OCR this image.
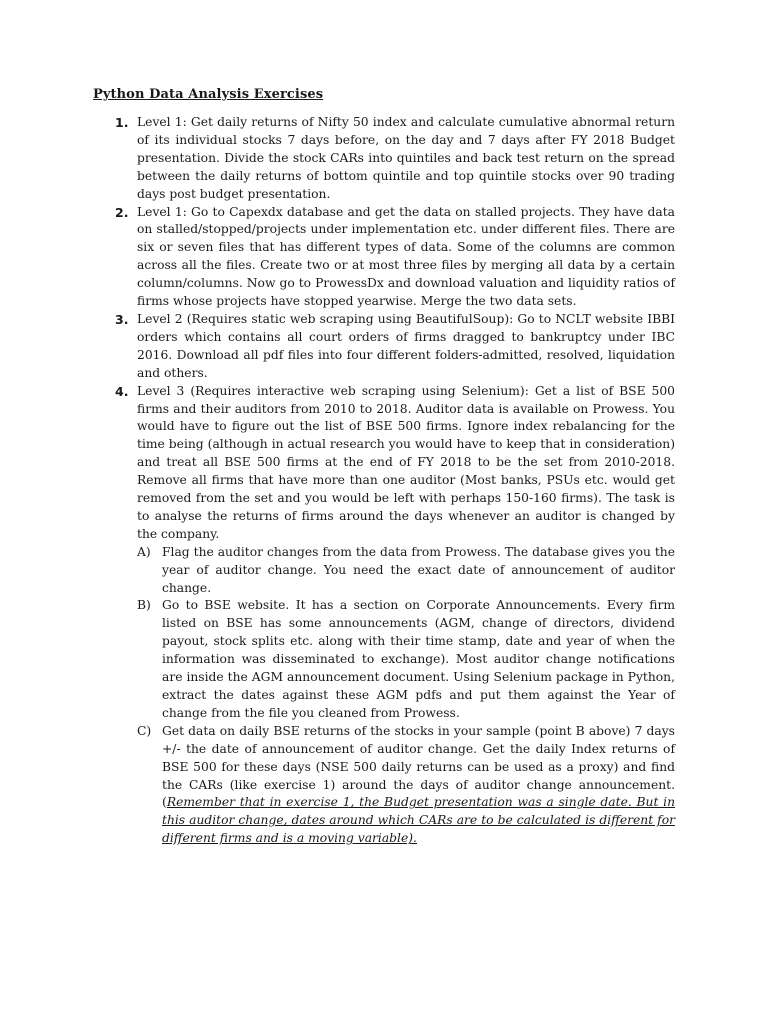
Python Data Analysis Exercises
1. Level 1: Get daily returns of Nifty 50 index and calculate cumulative abnormal return of its individual stocks 7 days before, on the day and 7 days after FY 2018 Budget presentation. Divide the stock CARs into quintiles and back test return on the spread between the daily returns of bottom quintile and top quintile stocks over 90 trading days post budget presentation.

2. Level 1: Go to Capexdx database and get the data on stalled projects. They have data on stalled/stopped/projects under implementation etc. under different files. There are six or seven files that has different types of data. Some of the columns are common across all the files. Create two or at most three files by merging all data by a certain column/columns. Now go to ProwessDx and download valuation and liquidity ratios of firms whose projects have stopped yearwise. Merge the two data sets.

3. Level 2 (Requires static web scraping using BeautifulSoup): Go to NCLT website IBBI orders which contains all court orders of firms dragged to bankruptcy under IBC 2016. Download all pdf files into four different folders-admitted, resolved, liquidation and others.

4. Level 3 (Requires interactive web scraping using Selenium): Get a list of BSE 500 firms and their auditors from 2010 to 2018. Auditor data is available on Prowess. You would have to figure out the list of BSE 500 firms. Ignore index rebalancing for the time being (although in actual research you would have to keep that in consideration) and treat all BSE 500 firms at the end of FY 2018 to be the set from 2010-2018. Remove all firms that have more than one auditor (Most banks, PSUs etc. would get removed from the set and you would be left with perhaps 150-160 firms). The task is to analyse the returns of firms around the days whenever an auditor is changed by the company.

A) Flag the auditor changes from the data from Prowess. The database gives you the year of auditor change. You need the exact date of announcement of auditor change.

B) Go to BSE website. It has a section on Corporate Announcements. Every firm listed on BSE has some announcements (AGM, change of directors, dividend payout, stock splits etc. along with their time stamp, date and year of when the information was disseminated to exchange). Most auditor change notifications are inside the AGM announcement document. Using Selenium package in Python, extract the dates against these AGM pdfs and put them against the Year of change from the file you cleaned from Prowess.

C) Get data on daily BSE returns of the stocks in your sample (point B above) 7 days +/- the date of announcement of auditor change. Get the daily Index returns of BSE 500 for these days (NSE 500 daily returns can be used as a proxy) and find the CARs (like exercise 1) around the days of auditor change announcement. (Remember that in exercise 1, the Budget presentation was a single date. But in this auditor change, dates around which CARs are to be calculated is different for different firms and is a moving variable).
